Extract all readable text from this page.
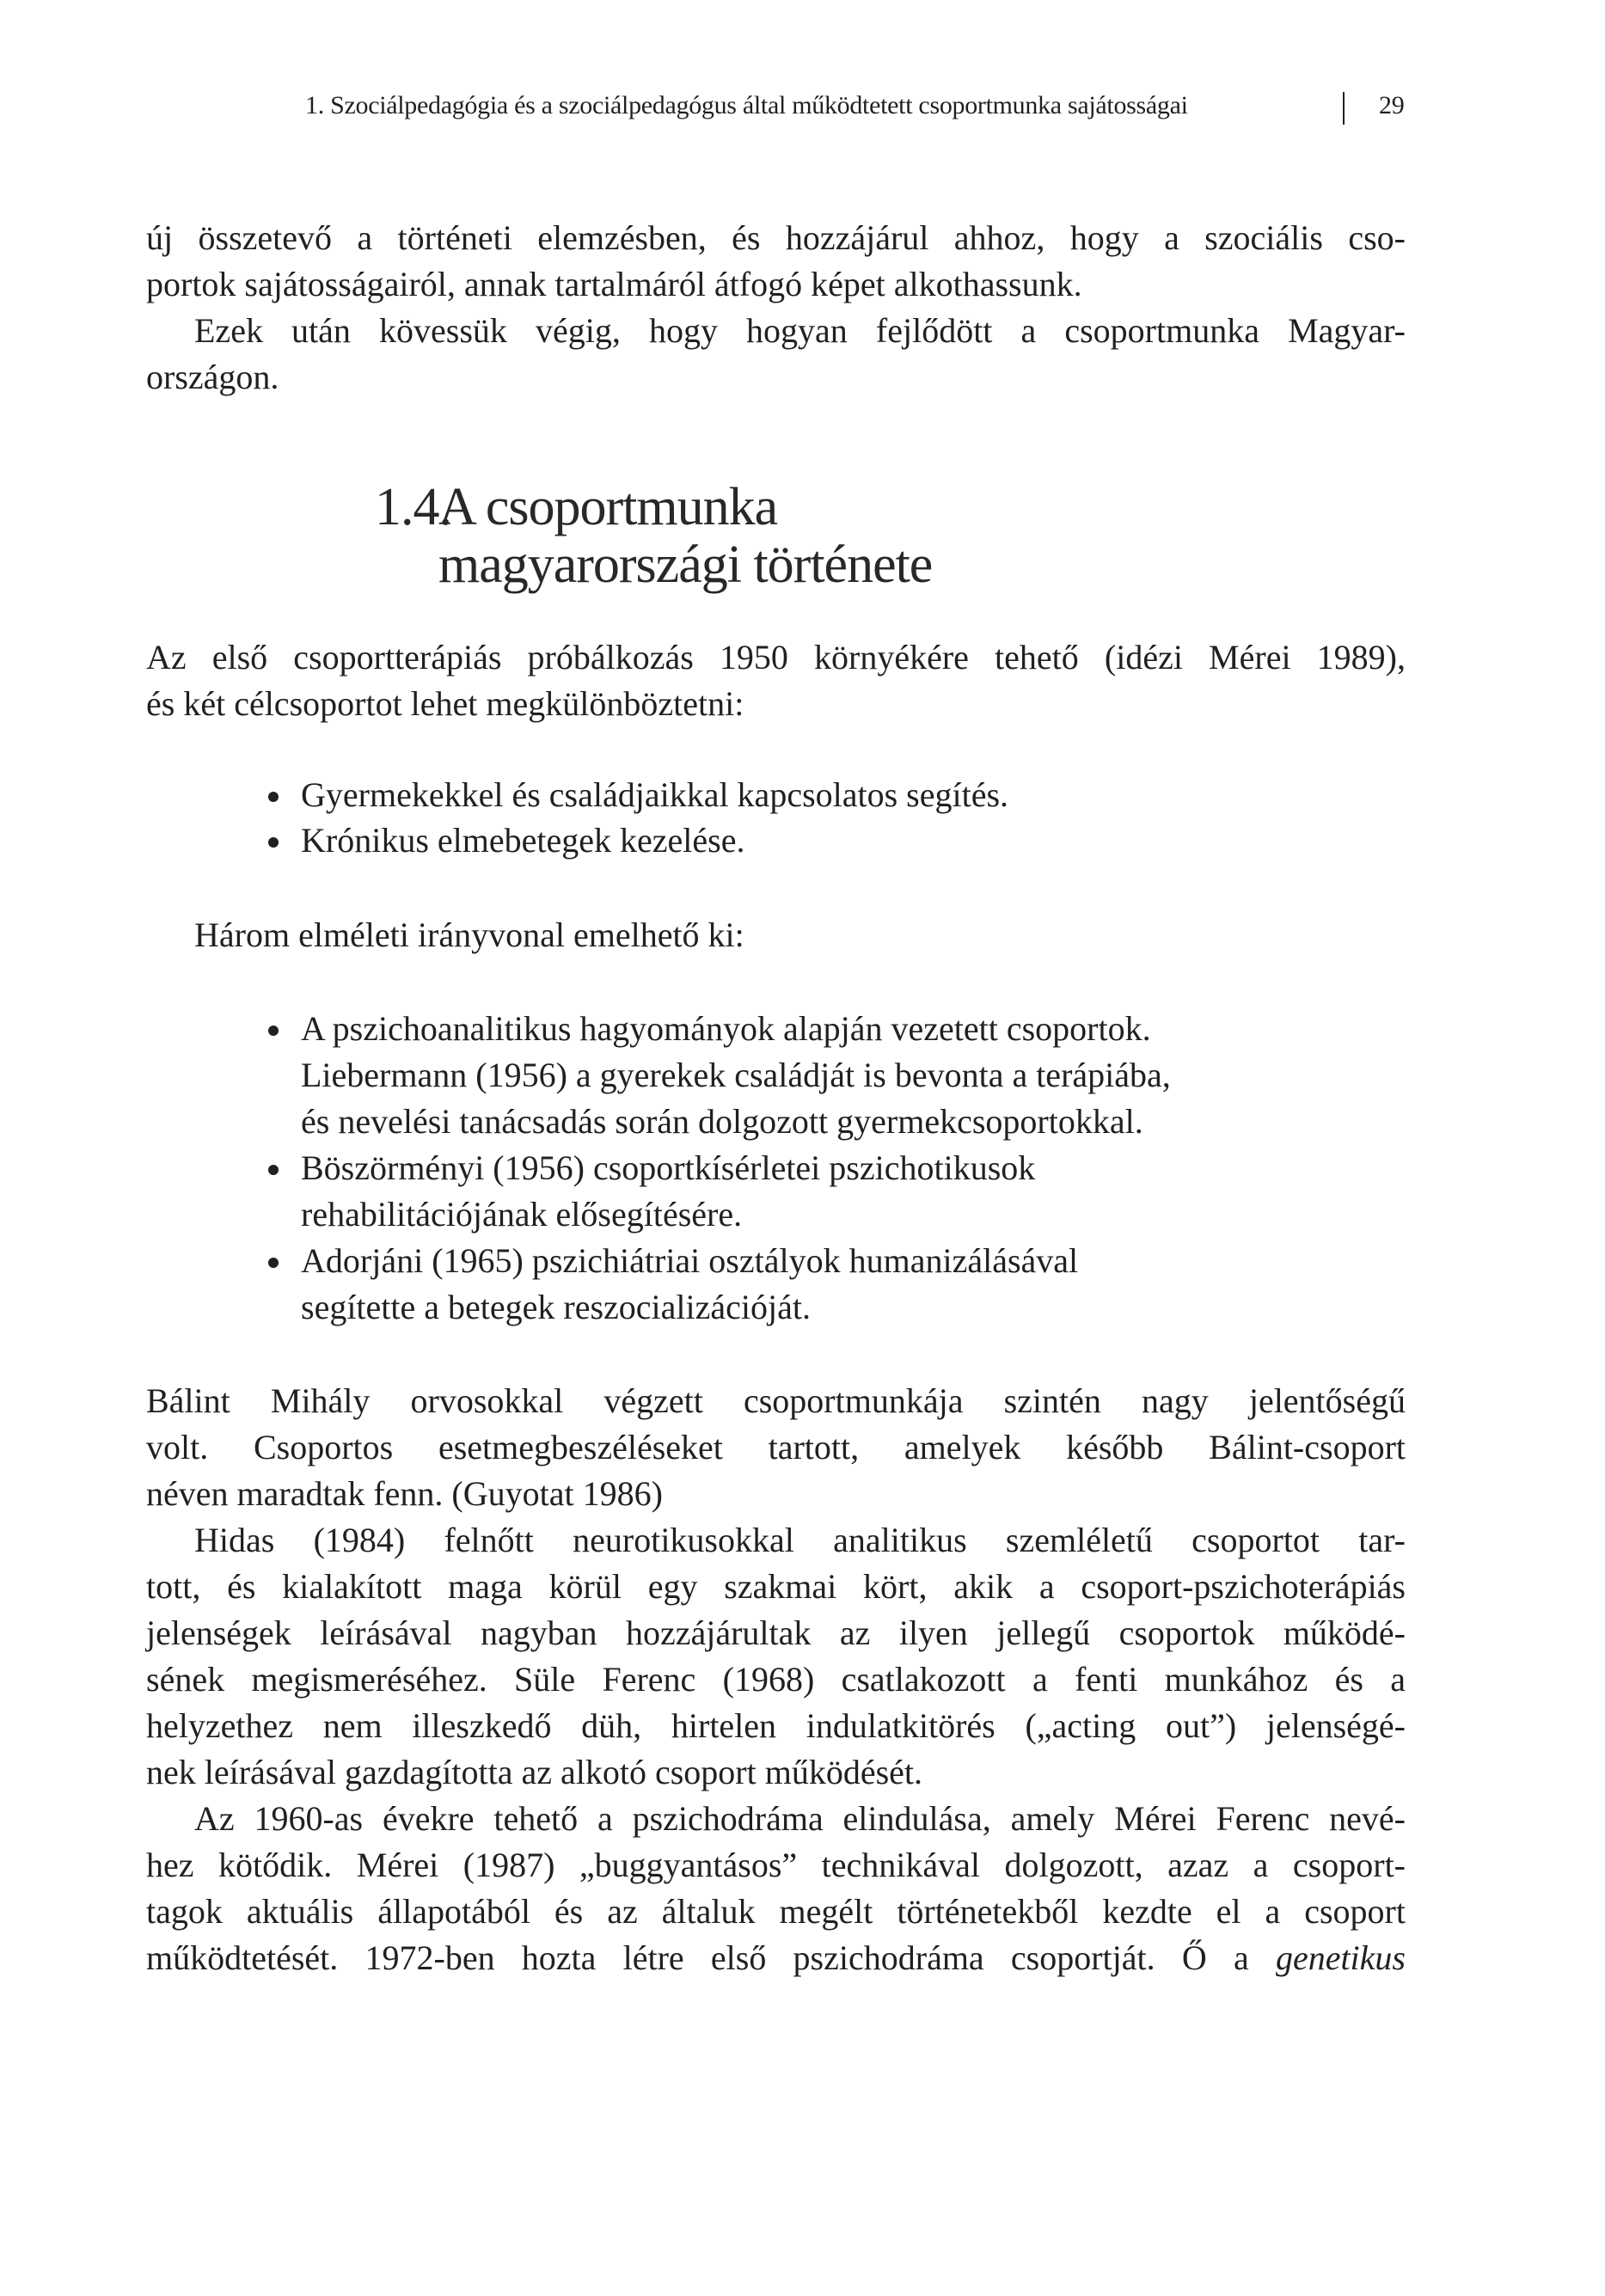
1. Szociálpedagógia és a szociálpedagógus által működtetett csoportmunka sajátosságai	29
új összetevő a történeti elemzésben, és hozzájárul ahhoz, hogy a szociális cso-
portok sajátosságairól, annak tartalmáról átfogó képet alkothassunk.
Ezek után kövessük végig, hogy hogyan fejlődött a csoportmunka Magyar-
országon.
1.4.
A csoportmunka
magyarországi története
Az első csoportterápiás próbálkozás 1950 környékére tehető (idézi Mérei 1989),
és két célcsoportot lehet megkülönböztetni:
Gyermekekkel és családjaikkal kapcsolatos segítés.
Krónikus elmebetegek kezelése.
Három elméleti irányvonal emelhető ki:
A pszichoanalitikus hagyományok alapján vezetett csoportok.
Liebermann (1956) a gyerekek családját is bevonta a terápiába,
és nevelési tanácsadás során dolgozott gyermekcsoportokkal.
Böszörményi (1956) csoportkísérletei pszichotikusok
rehabilitációjának elősegítésére.
Adorjáni (1965) pszichiátriai osztályok humanizálásával
segítette a betegek reszocializációját.
Bálint Mihály orvosokkal végzett csoportmunkája szintén nagy jelentőségű
volt. Csoportos esetmegbeszéléseket tartott, amelyek később Bálint-csoport
néven maradtak fenn. (Guyotat 1986)
Hidas (1984) felnőtt neurotikusokkal analitikus szemléletű csoportot tar-
tott, és kialakított maga körül egy szakmai kört, akik a csoport-pszichoterápiás
jelenségek leírásával nagyban hozzájárultak az ilyen jellegű csoportok működé-
sének megismeréséhez. Süle Ferenc (1968) csatlakozott a fenti munkához és a
helyzethez nem illeszkedő düh, hirtelen indulatkitörés („acting out”) jelenségé-
nek leírásával gazdagította az alkotó csoport működését.
Az 1960-as évekre tehető a pszichodráma elindulása, amely Mérei Ferenc nevé-
hez kötődik. Mérei (1987) „buggyantásos” technikával dolgozott, azaz a csoport-
tagok aktuális állapotából és az általuk megélt történetekből kezdte el a csoport
működtetését. 1972-ben hozta létre első pszichodráma csoportját. Ő a genetikus
